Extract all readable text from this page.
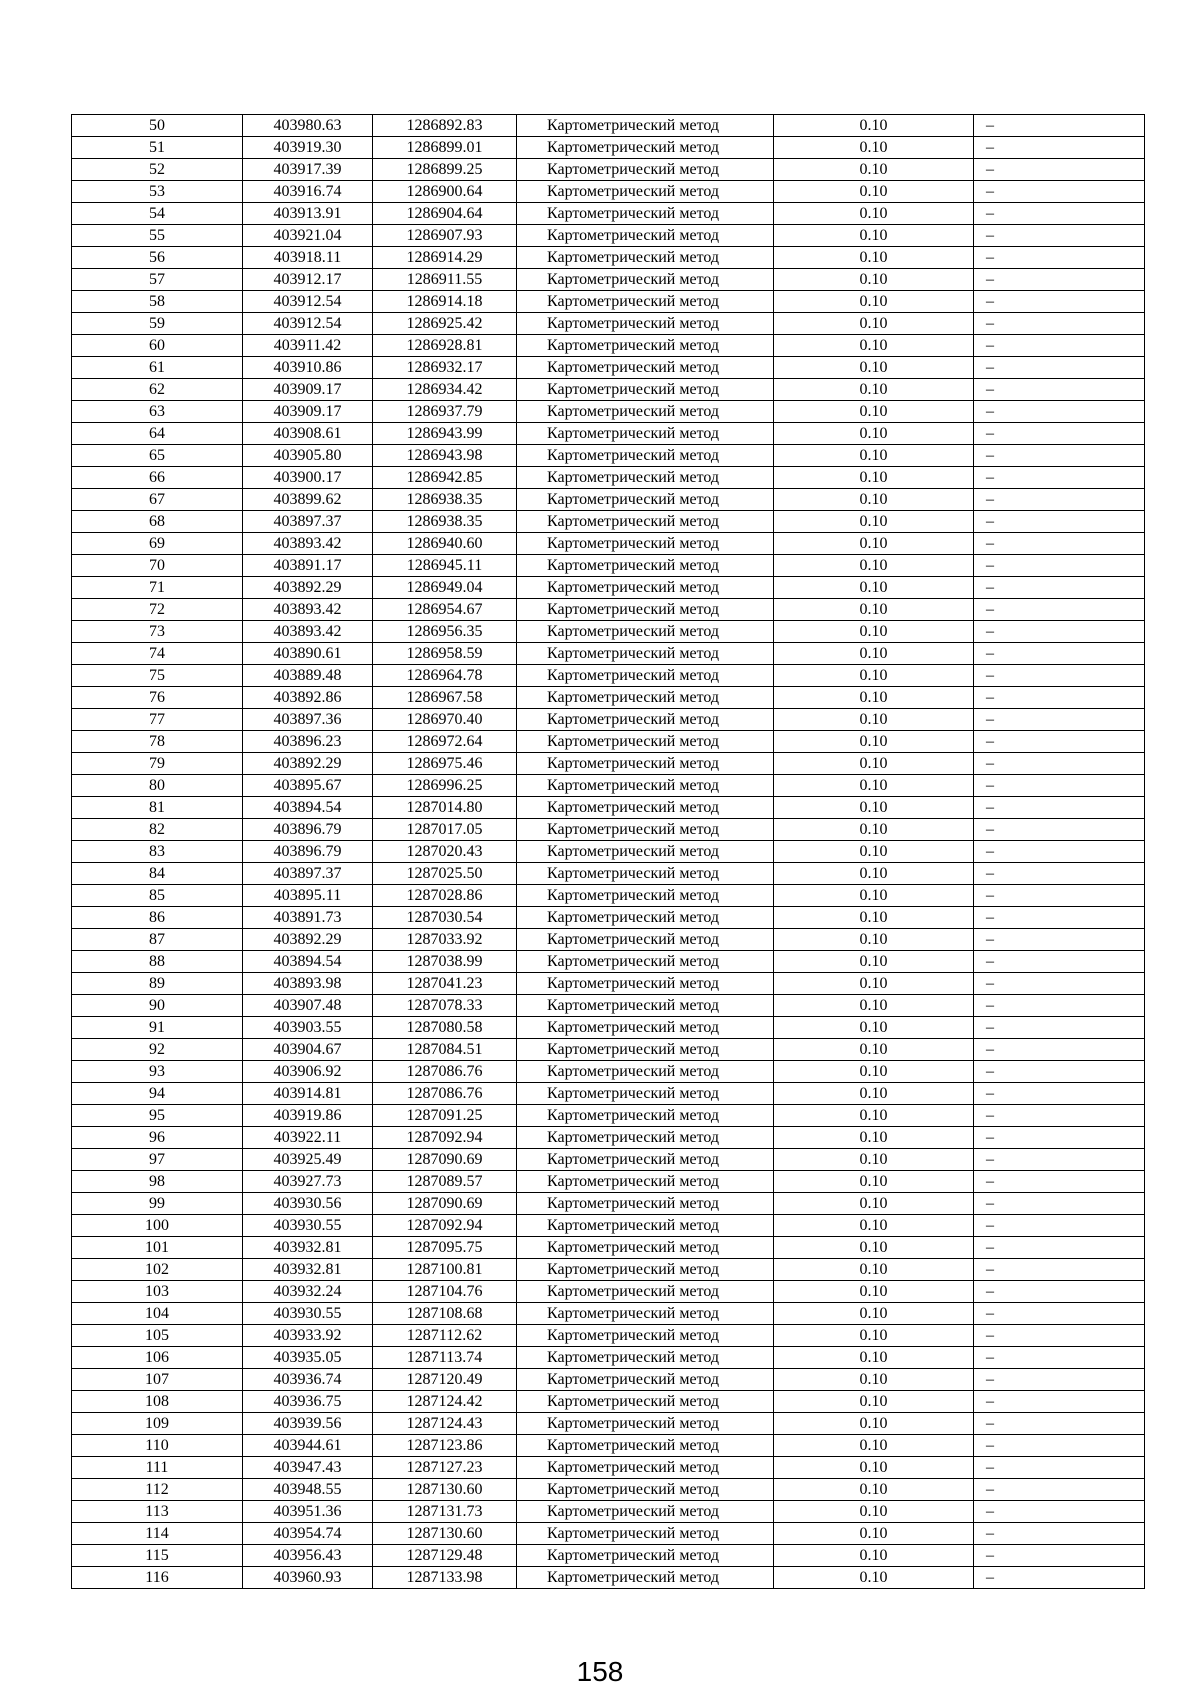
50	403980.63	1286892.83	Картометрический метод	0.10	–
51	403919.30	1286899.01	Картометрический метод	0.10	–
52	403917.39	1286899.25	Картометрический метод	0.10	–
53	403916.74	1286900.64	Картометрический метод	0.10	–
54	403913.91	1286904.64	Картометрический метод	0.10	–
55	403921.04	1286907.93	Картометрический метод	0.10	–
56	403918.11	1286914.29	Картометрический метод	0.10	–
57	403912.17	1286911.55	Картометрический метод	0.10	–
58	403912.54	1286914.18	Картометрический метод	0.10	–
59	403912.54	1286925.42	Картометрический метод	0.10	–
60	403911.42	1286928.81	Картометрический метод	0.10	–
61	403910.86	1286932.17	Картометрический метод	0.10	–
62	403909.17	1286934.42	Картометрический метод	0.10	–
63	403909.17	1286937.79	Картометрический метод	0.10	–
64	403908.61	1286943.99	Картометрический метод	0.10	–
65	403905.80	1286943.98	Картометрический метод	0.10	–
66	403900.17	1286942.85	Картометрический метод	0.10	–
67	403899.62	1286938.35	Картометрический метод	0.10	–
68	403897.37	1286938.35	Картометрический метод	0.10	–
69	403893.42	1286940.60	Картометрический метод	0.10	–
70	403891.17	1286945.11	Картометрический метод	0.10	–
71	403892.29	1286949.04	Картометрический метод	0.10	–
72	403893.42	1286954.67	Картометрический метод	0.10	–
73	403893.42	1286956.35	Картометрический метод	0.10	–
74	403890.61	1286958.59	Картометрический метод	0.10	–
75	403889.48	1286964.78	Картометрический метод	0.10	–
76	403892.86	1286967.58	Картометрический метод	0.10	–
77	403897.36	1286970.40	Картометрический метод	0.10	–
78	403896.23	1286972.64	Картометрический метод	0.10	–
79	403892.29	1286975.46	Картометрический метод	0.10	–
80	403895.67	1286996.25	Картометрический метод	0.10	–
81	403894.54	1287014.80	Картометрический метод	0.10	–
82	403896.79	1287017.05	Картометрический метод	0.10	–
83	403896.79	1287020.43	Картометрический метод	0.10	–
84	403897.37	1287025.50	Картометрический метод	0.10	–
85	403895.11	1287028.86	Картометрический метод	0.10	–
86	403891.73	1287030.54	Картометрический метод	0.10	–
87	403892.29	1287033.92	Картометрический метод	0.10	–
88	403894.54	1287038.99	Картометрический метод	0.10	–
89	403893.98	1287041.23	Картометрический метод	0.10	–
90	403907.48	1287078.33	Картометрический метод	0.10	–
91	403903.55	1287080.58	Картометрический метод	0.10	–
92	403904.67	1287084.51	Картометрический метод	0.10	–
93	403906.92	1287086.76	Картометрический метод	0.10	–
94	403914.81	1287086.76	Картометрический метод	0.10	–
95	403919.86	1287091.25	Картометрический метод	0.10	–
96	403922.11	1287092.94	Картометрический метод	0.10	–
97	403925.49	1287090.69	Картометрический метод	0.10	–
98	403927.73	1287089.57	Картометрический метод	0.10	–
99	403930.56	1287090.69	Картометрический метод	0.10	–
100	403930.55	1287092.94	Картометрический метод	0.10	–
101	403932.81	1287095.75	Картометрический метод	0.10	–
102	403932.81	1287100.81	Картометрический метод	0.10	–
103	403932.24	1287104.76	Картометрический метод	0.10	–
104	403930.55	1287108.68	Картометрический метод	0.10	–
105	403933.92	1287112.62	Картометрический метод	0.10	–
106	403935.05	1287113.74	Картометрический метод	0.10	–
107	403936.74	1287120.49	Картометрический метод	0.10	–
108	403936.75	1287124.42	Картометрический метод	0.10	–
109	403939.56	1287124.43	Картометрический метод	0.10	–
110	403944.61	1287123.86	Картометрический метод	0.10	–
111	403947.43	1287127.23	Картометрический метод	0.10	–
112	403948.55	1287130.60	Картометрический метод	0.10	–
113	403951.36	1287131.73	Картометрический метод	0.10	–
114	403954.74	1287130.60	Картометрический метод	0.10	–
115	403956.43	1287129.48	Картометрический метод	0.10	–
116	403960.93	1287133.98	Картометрический метод	0.10	–
158
